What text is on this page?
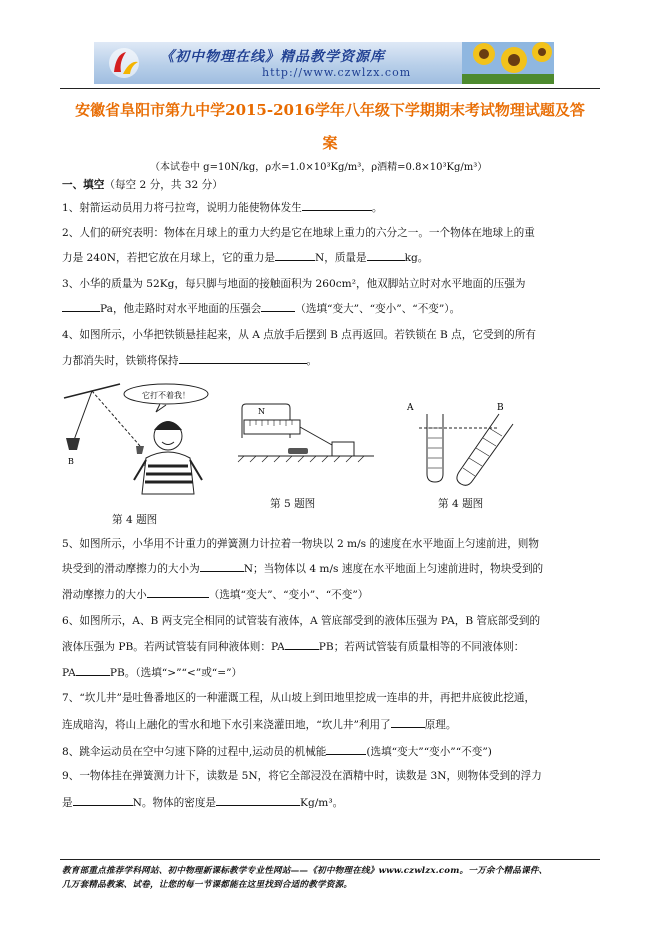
《初中物理在线》精品教学资源库
http://www.czwlzx.com
安徽省阜阳市第九中学2015-2016学年八年级下学期期末考试物理试题及答
案
（本试卷中 g=10N/kg，ρ水=1.0×10³Kg/m³，ρ酒精=0.8×10³Kg/m³）
一、填空（每空 2 分，共 32 分）
1、射箭运动员用力将弓拉弯，说明力能使物体发生	。
2、人们的研究表明：物体在月球上的重力大约是它在地球上重力的六分之一。一个物体在地球上的重
力是 240N，若把它放在月球上，它的重力是	N，质量是	kg。
3、小华的质量为 52Kg，每只脚与地面的接触面积为 260cm²，他双脚站立时对水平地面的压强为
Pa，他走路时对水平地面的压强会	（选填“变大”、“变小”、“不变”）。
4、如图所示，小华把铁锁悬挂起来，从 A 点放手后摆到 B 点再返回。若铁锁在 B 点，它受到的所有
力都消失时，铁锁将保持	。
B
它打不着我！
第 4 题图
N
第 5 题图
A	B
第 4 题图
5、如图所示，小华用不计重力的弹簧测力计拉着一物块以 2 m/s 的速度在水平地面上匀速前进，则物
块受到的滑动摩擦力的大小为	N；当物体以 4 m/s 速度在水平地面上匀速前进时，物块受到的
滑动摩擦力的大小	（选填“变大”、“变小”、“不变”）
6、如图所示，A、B 两支完全相同的试管装有液体，A 管底部受到的液体压强为 PA，B 管底部受到的
液体压强为 PB。若两试管装有同种液体则：PA	PB；若两试管装有质量相等的不同液体则：
PA	PB。（选填“>”“<”或“=”）
7、“坎儿井”是吐鲁番地区的一种灌溉工程，从山坡上到田地里挖成一连串的井，再把井底彼此挖通，
连成暗沟，将山上融化的雪水和地下水引来浇灌田地，“坎儿井”利用了	原理。
8、跳伞运动员在空中匀速下降的过程中,运动员的机械能	(选填“变大”“变小”“不变”)
9、一物体挂在弹簧测力计下，读数是 5N，将它全部浸没在酒精中时，读数是 3N，则物体受到的浮力
是	N。物体的密度是	Kg/m³。
教育部重点推荐学科网站、初中物理新课标教学专业性网站——《初中物理在线》www.czwlzx.com。一万余个精品课件、
几万套精品教案、试卷，让您的每一节课都能在这里找到合适的教学资源。
